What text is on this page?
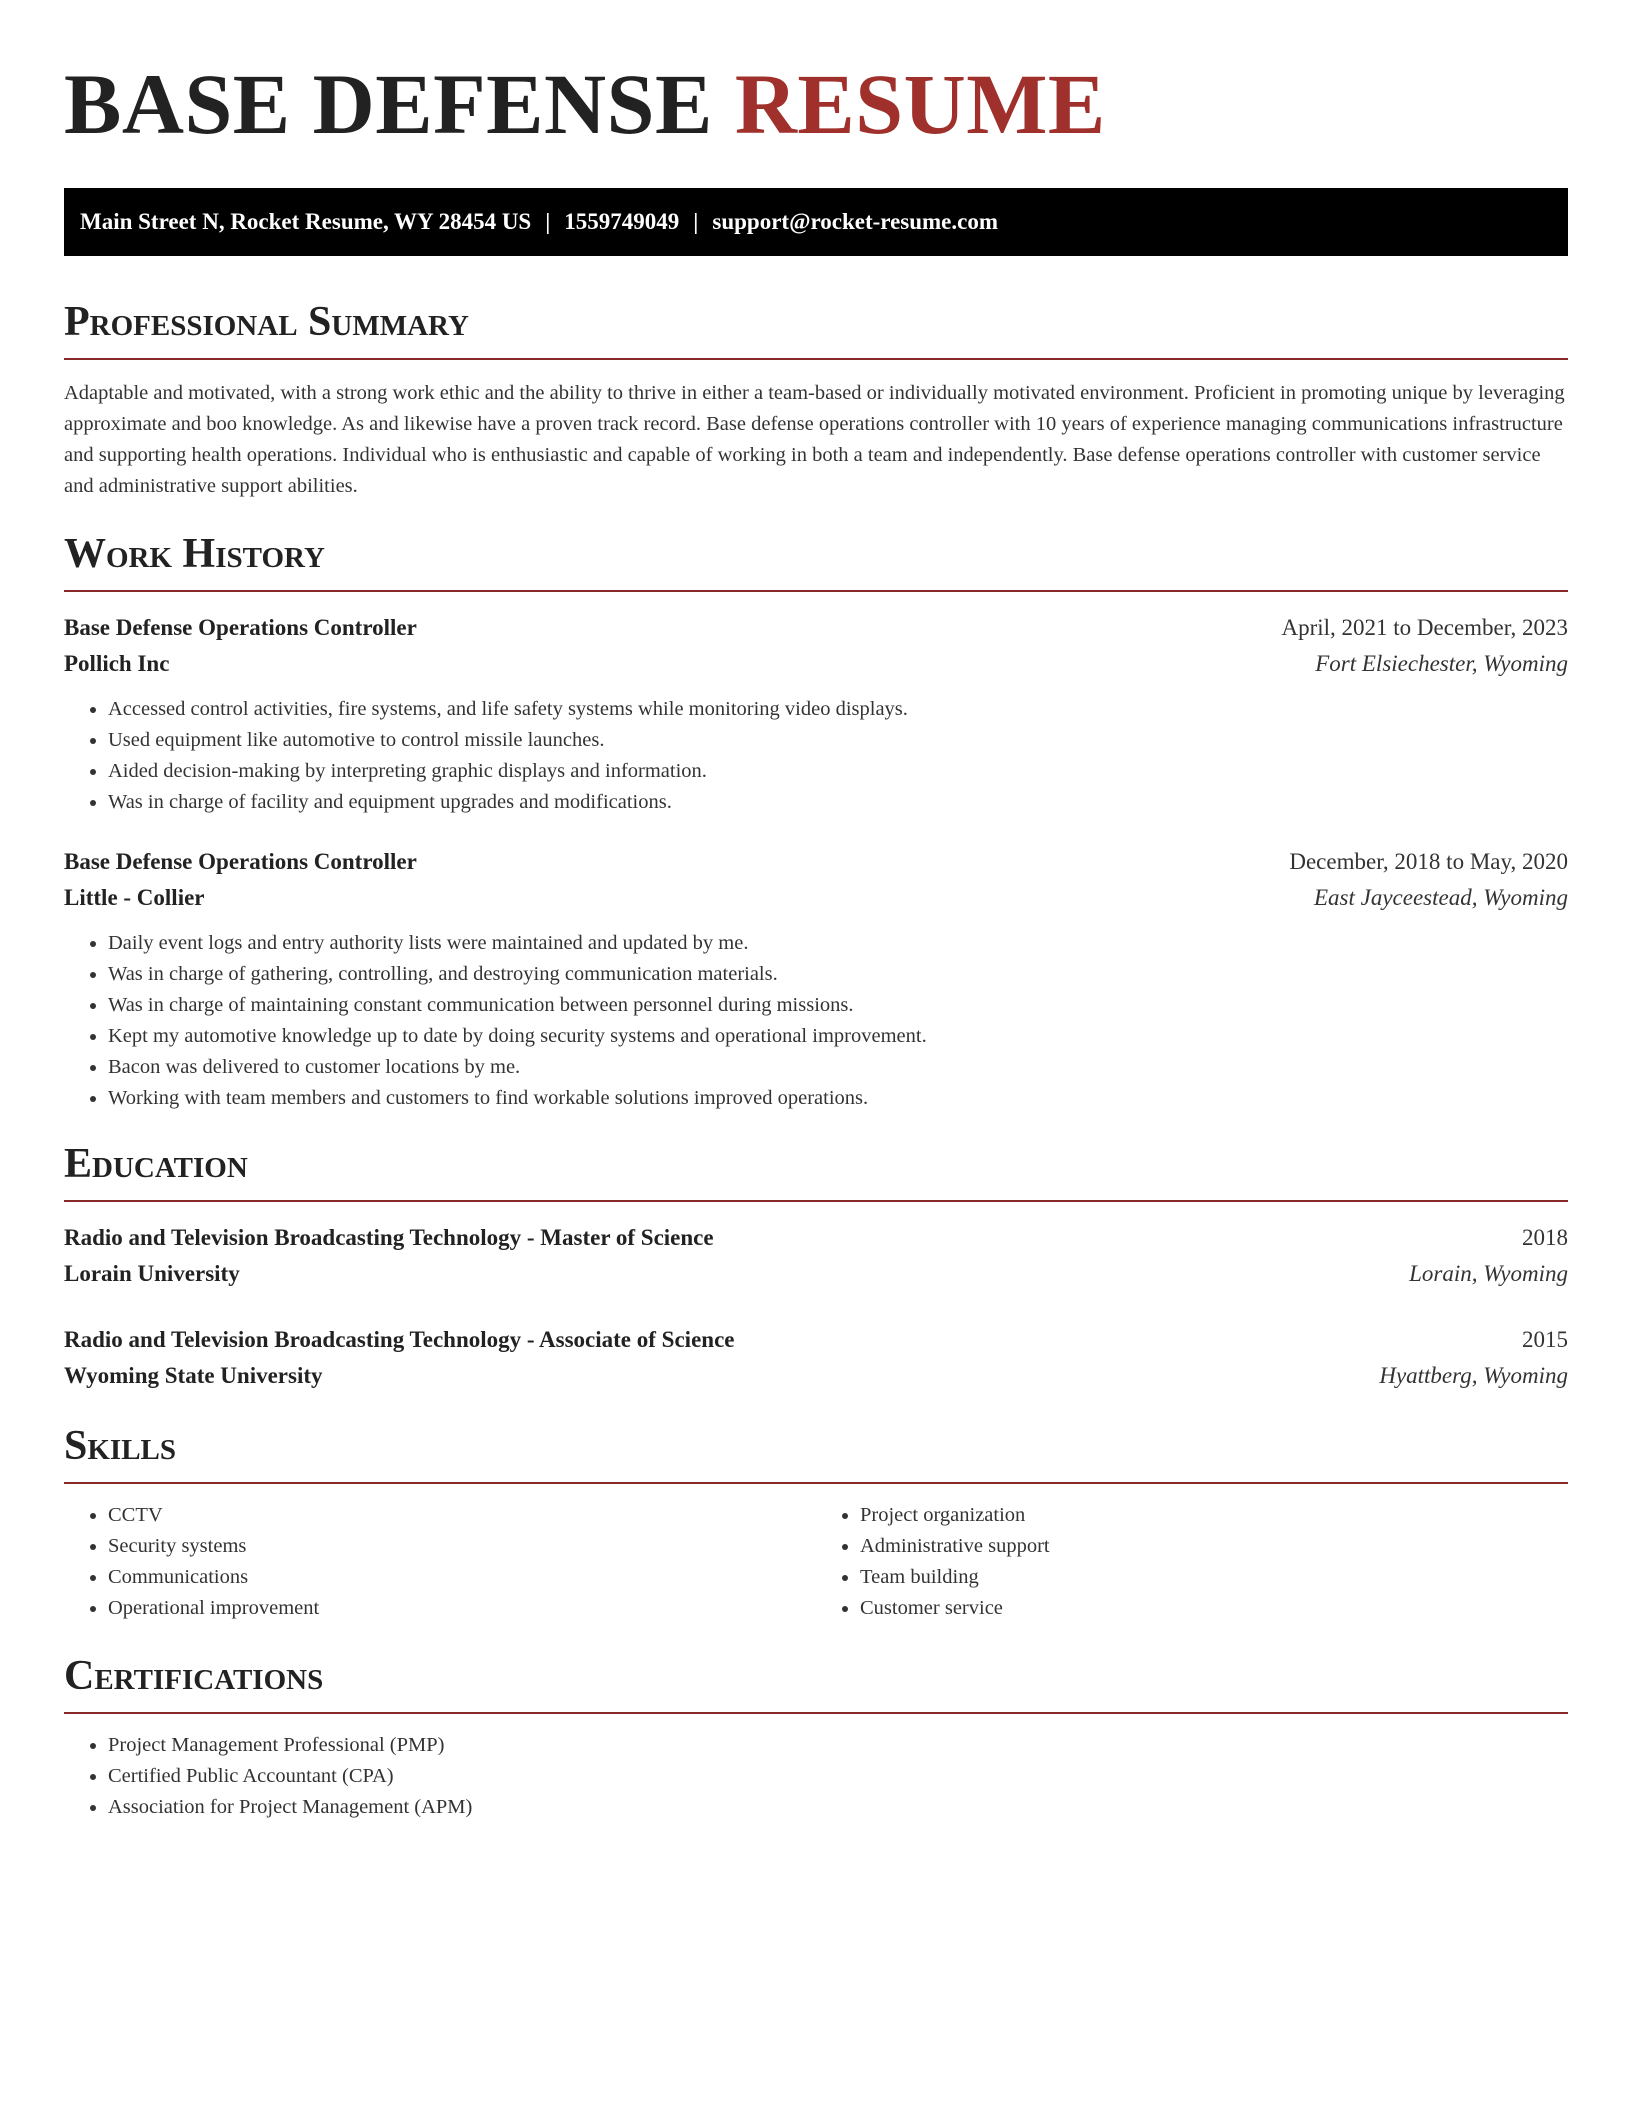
BASE DEFENSE RESUME
Main Street N, Rocket Resume, WY 28454 US | 1559749049 | support@rocket-resume.com
Professional Summary

Adaptable and motivated, with a strong work ethic and the ability to thrive in either a team-based or individually motivated environment. Proficient in promoting unique by leveraging approximate and boo knowledge. As and likewise have a proven track record. Base defense operations controller with 10 years of experience managing communications infrastructure and supporting health operations. Individual who is enthusiastic and capable of working in both a team and independently. Base defense operations controller with customer service and administrative support abilities.

Work History
Base Defense Operations Controller	April, 2021 to December, 2023
Pollich Inc	Fort Elsiechester, Wyoming
• Accessed control activities, fire systems, and life safety systems while monitoring video displays.
• Used equipment like automotive to control missile launches.
• Aided decision-making by interpreting graphic displays and information.
• Was in charge of facility and equipment upgrades and modifications.
Base Defense Operations Controller	December, 2018 to May, 2020
Little - Collier	East Jayceestead, Wyoming
• Daily event logs and entry authority lists were maintained and updated by me.
• Was in charge of gathering, controlling, and destroying communication materials.
• Was in charge of maintaining constant communication between personnel during missions.
• Kept my automotive knowledge up to date by doing security systems and operational improvement.
• Bacon was delivered to customer locations by me.
• Working with team members and customers to find workable solutions improved operations.
Education
Radio and Television Broadcasting Technology - Master of Science	2018
Lorain University	Lorain, Wyoming
Radio and Television Broadcasting Technology - Associate of Science	2015
Wyoming State University	Hyattberg, Wyoming
Skills
• CCTV
• Security systems
• Communications
• Operational improvement
• Project organization
• Administrative support
• Team building
• Customer service
Certifications
• Project Management Professional (PMP)
• Certified Public Accountant (CPA)
• Association for Project Management (APM)
